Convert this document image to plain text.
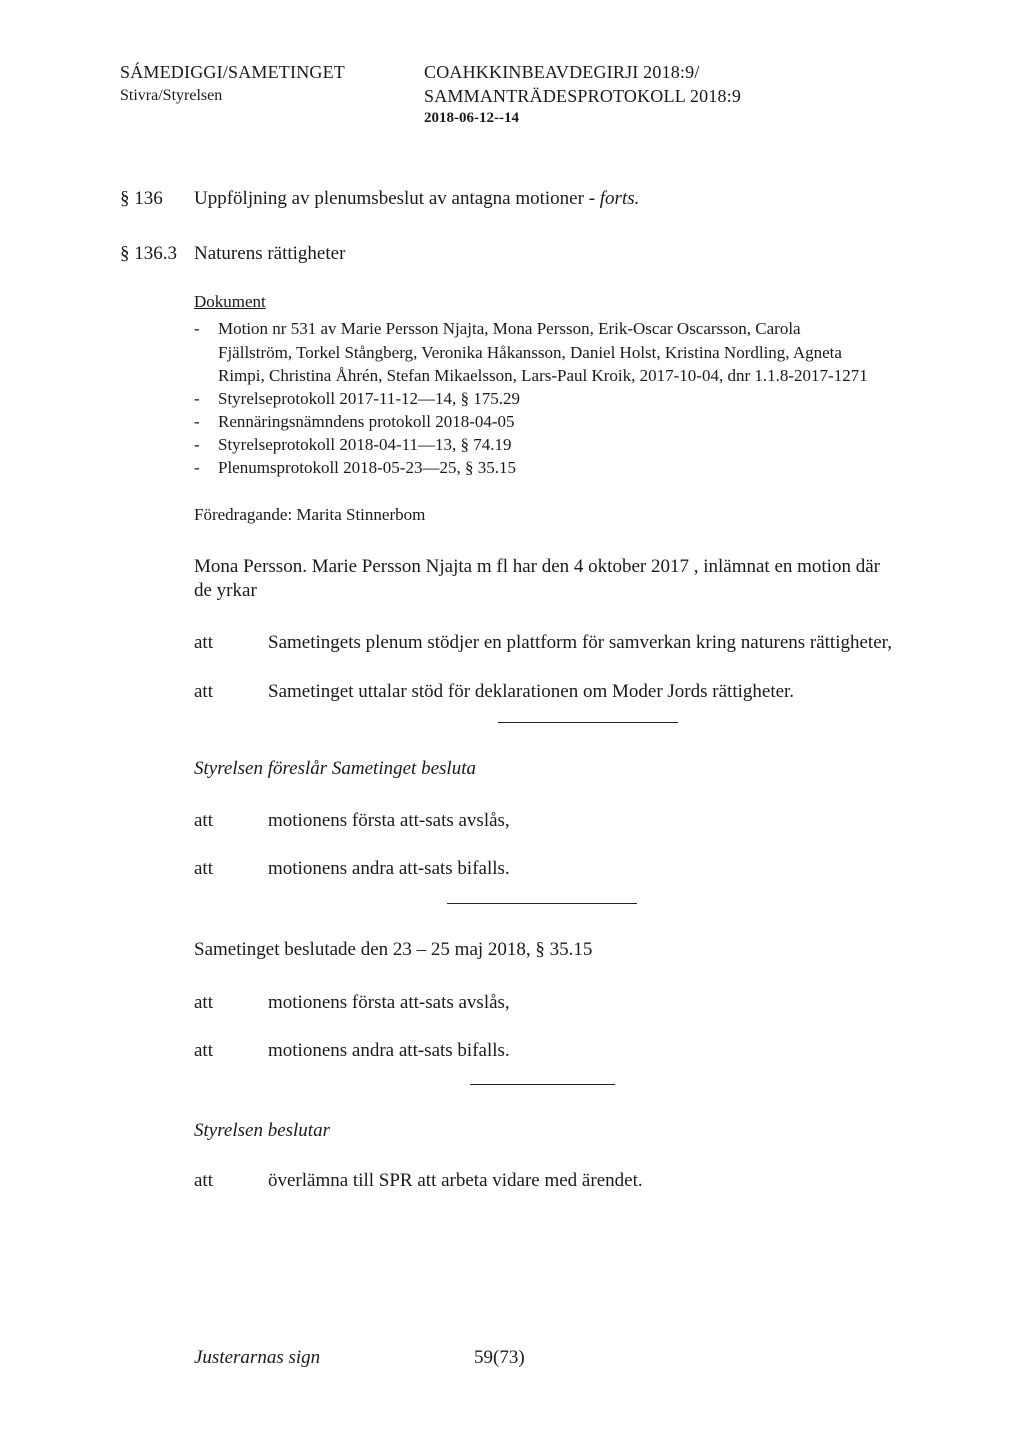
SÁMEDIGGI/SAMETINGET
Stivra/Styrelsen
COAHKKINBEAVDEGIRJI 2018:9/
SAMMANTRÄDESPROTOKOLL 2018:9
2018-06-12--14
§ 136 Uppföljning av plenumsbeslut av antagna motioner - forts.
§ 136.3 Naturens rättigheter
Dokument
- Motion nr 531 av Marie Persson Njajta, Mona Persson, Erik-Oscar Oscarsson, Carola
Fjällström, Torkel Stångberg, Veronika Håkansson, Daniel Holst, Kristina Nordling, Agneta
Rimpi, Christina Åhrén, Stefan Mikaelsson, Lars-Paul Kroik, 2017-10-04, dnr 1.1.8-2017-1271
- Styrelseprotokoll 2017-11-12—14, § 175.29
- Rennäringsnämndens protokoll 2018-04-05
- Styrelseprotokoll 2018-04-11—13, § 74.19
- Plenumsprotokoll 2018-05-23—25, § 35.15
Föredragande: Marita Stinnerbom
Mona Persson. Marie Persson Njajta m fl har den 4 oktober 2017 , inlämnat en motion där
de yrkar
att	Sametingets plenum stödjer en plattform för samverkan kring naturens rättigheter,
att	Sametinget uttalar stöd för deklarationen om Moder Jords rättigheter.
Styrelsen föreslår Sametinget besluta
att	motionens första att-sats avslås,
att	motionens andra att-sats bifalls.
Sametinget beslutade den 23 – 25 maj 2018, § 35.15
att	motionens första att-sats avslås,
att	motionens andra att-sats bifalls.
Styrelsen beslutar
att	överlämna till SPR att arbeta vidare med ärendet.
Justerarnas sign	59(73)
